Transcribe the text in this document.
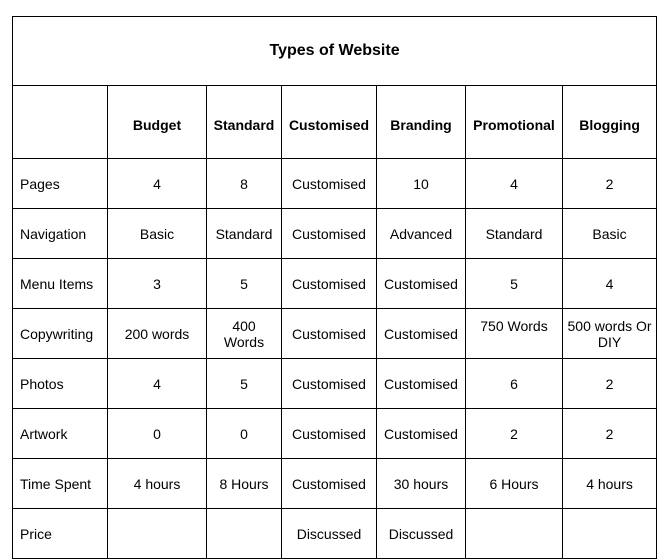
Types of Website						
	Budget	Standard	Customised	Branding	Promotional	Blogging
Pages	4	8	Customised	10	4	2
Navigation	Basic	Standard	Customised	Advanced	Standard	Basic
Menu Items	3	5	Customised	Customised	5	4
Copywriting	200 words	400 Words	Customised	Customised	750 Words	500 words Or DIY
Photos	4	5	Customised	Customised	6	2
Artwork	0	0	Customised	Customised	2	2
Time Spent	4 hours	8 Hours	Customised	30 hours	6 Hours	4 hours
Price			Discussed	Discussed		
